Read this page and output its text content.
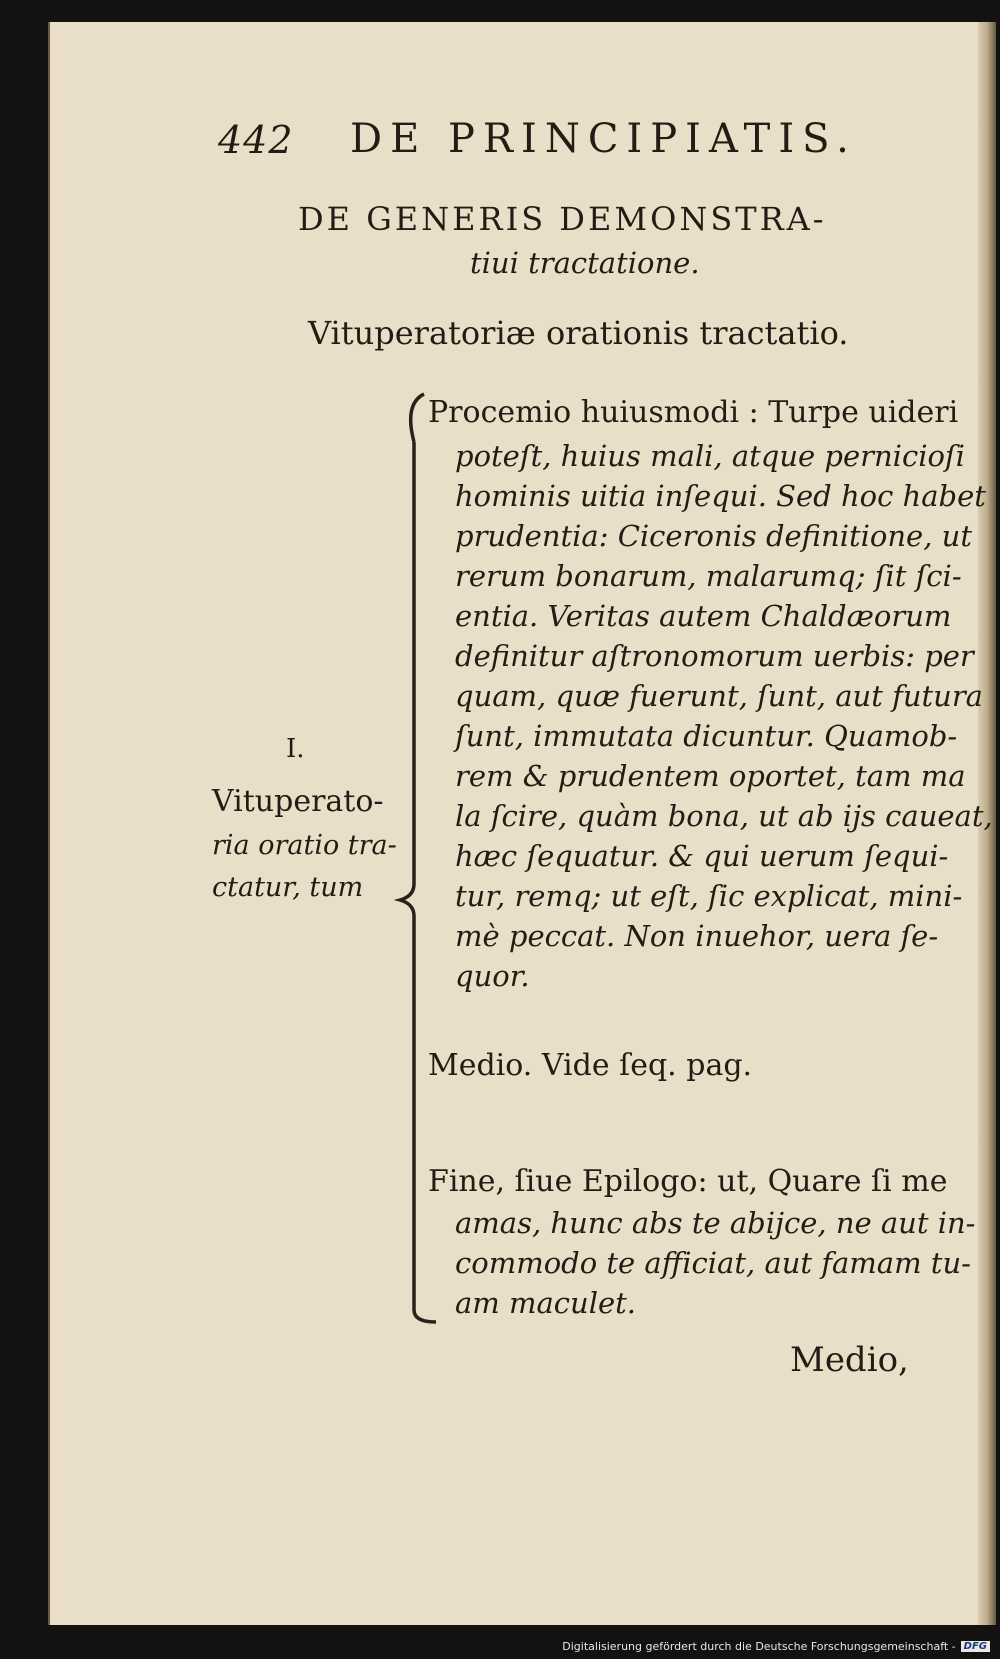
442 DE PRINCIPIATIS.
DE GENERIS DEMONSTRA-
tiui tractatione.
Vituperatoriæ orationis tractatio.
I.
Vituperato-
ria oratio tra-
ctatur, tum
Procemio huiusmodi : Turpe uideri
poteſt, huius mali, atque pernicioſi
hominis uitia inſequi. Sed hoc habet
prudentia: Ciceronis definitione, ut
rerum bonarum, malarumq; ſit ſci-
entia. Veritas autem Chaldæorum
definitur aſtronomorum uerbis: per
quam, quæ fuerunt, ſunt, aut futura
ſunt, immutata dicuntur. Quamob-
rem & prudentem oportet, tam ma
la ſcire, quàm bona, ut ab ijs caueat,
hæc ſequatur. & qui uerum ſequi-
tur, remq; ut eſt, ſic explicat, mini-
mè peccat. Non inuehor, uera ſe-
quor.
Medio. Vide ſeq. pag.
Fine, ſiue Epilogo: ut, Quare ſi me
amas, hunc abs te abijce, ne aut in-
commodo te afficiat, aut famam tu-
am maculet.
Medio,
Digitalisierung gefördert durch die Deutsche Forschungsgemeinschaft - DFG
